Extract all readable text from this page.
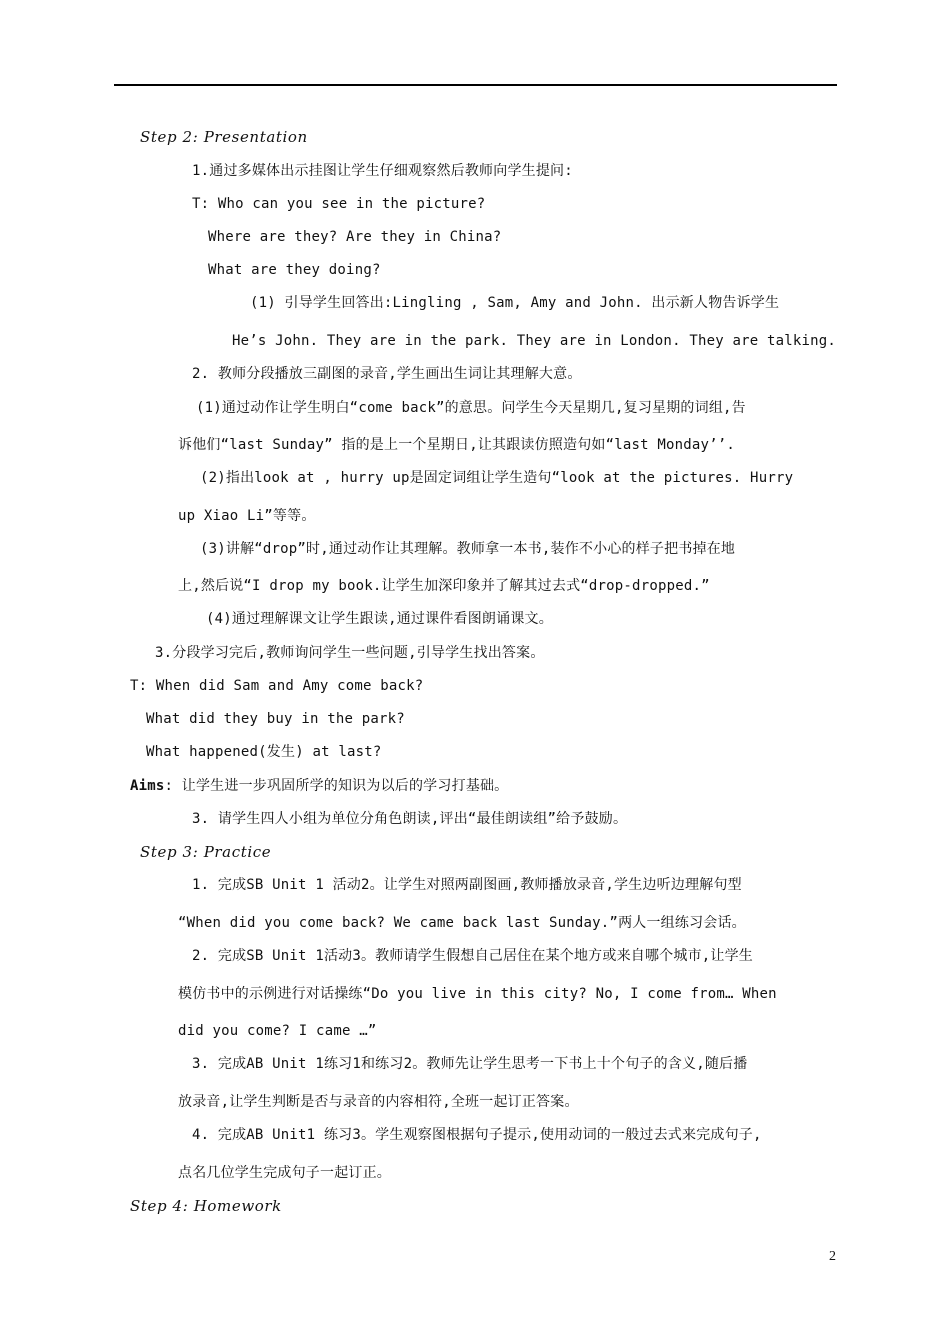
Step 2: Presentation
1.通过多媒体出示挂图让学生仔细观察然后教师向学生提问:
T: Who can you see in the picture?
Where are they? Are they in China?
What are they doing?
(1) 引导学生回答出:Lingling , Sam, Amy and John. 出示新人物告诉学生
He’s John. They are in the park. They are in London. They are talking.
2. 教师分段播放三副图的录音,学生画出生词让其理解大意。
(1)通过动作让学生明白“come back”的意思。问学生今天星期几,复习星期的词组,告
诉他们“last Sunday” 指的是上一个星期日,让其跟读仿照造句如“last Monday’’.
(2)指出look at , hurry up是固定词组让学生造句“look at the pictures. Hurry
up Xiao Li”等等。
(3)讲解“drop”时,通过动作让其理解。教师拿一本书,装作不小心的样子把书掉在地
上,然后说“I drop my book.让学生加深印象并了解其过去式“drop-dropped.”
(4)通过理解课文让学生跟读,通过课件看图朗诵课文。
3.分段学习完后,教师询问学生一些问题,引导学生找出答案。
T: When did Sam and Amy come back?
What did they buy in the park?
What happened(发生) at last?
Aims: 让学生进一步巩固所学的知识为以后的学习打基础。
3. 请学生四人小组为单位分角色朗读,评出“最佳朗读组”给予鼓励。
Step 3: Practice
1. 完成SB Unit 1 活动2。让学生对照两副图画,教师播放录音,学生边听边理解句型
“When did you come back? We came back last Sunday.”两人一组练习会话。
2. 完成SB Unit 1活动3。教师请学生假想自己居住在某个地方或来自哪个城市,让学生
模仿书中的示例进行对话操练“Do you live in this city? No, I come from… When
did you come? I came …”
3. 完成AB Unit 1练习1和练习2。教师先让学生思考一下书上十个句子的含义,随后播
放录音,让学生判断是否与录音的内容相符,全班一起订正答案。
4. 完成AB Unit1 练习3。学生观察图根据句子提示,使用动词的一般过去式来完成句子,
点名几位学生完成句子一起订正。
Step 4: Homework
2
